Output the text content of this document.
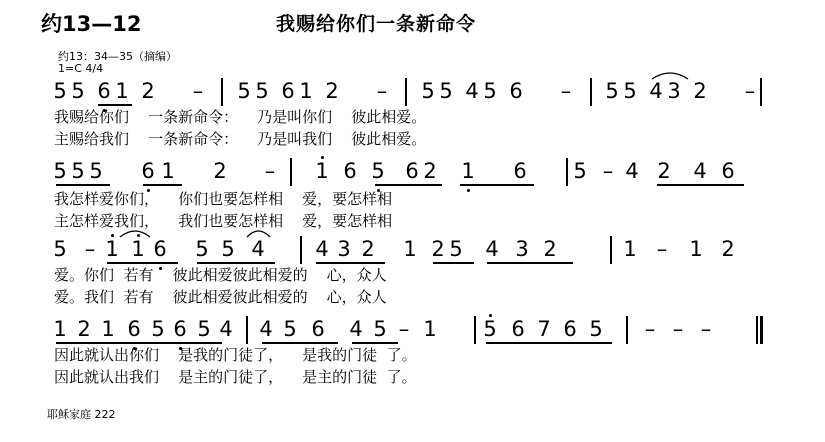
约13—12	我赐给你们一条新命令
约13：34—35（摘编）
1=C 4/4
耶稣家庭 222
5 5 6 1 2 – 5 5 6 1 2 – 5 5 4 5 6 – 5 5 4 3 2 –
我赐给你们    一条新命令：    乃是叫你们    彼此相爱。
主赐给我们    一条新命令：    乃是叫我们    彼此相爱。
5 5 5 6 1 2 – 1 6 5 6 2 1 6 5 – 4 2 4 6
我怎样爱你们，    你们也要怎样相    爱，要怎样相
主怎样爱我们，    我们也要怎样相    爱，要怎样相
5 – 1 1 6 5 5 4 4 3 2 1 2 5 4 3 2	1 – 1 2
爱。你们  若有    彼此相爱彼此相爱的    心，众人
爱。我们  若有    彼此相爱彼此相爱的    心，众人
1 2 1 6 5 6 5 4 4 5 6 4 5 – 1 5 6 7 6 5 – – –
因此就认出你们    是我的门徒了，    是我的门徒  了。
因此就认出我们    是主的门徒了，    是主的门徒  了。
